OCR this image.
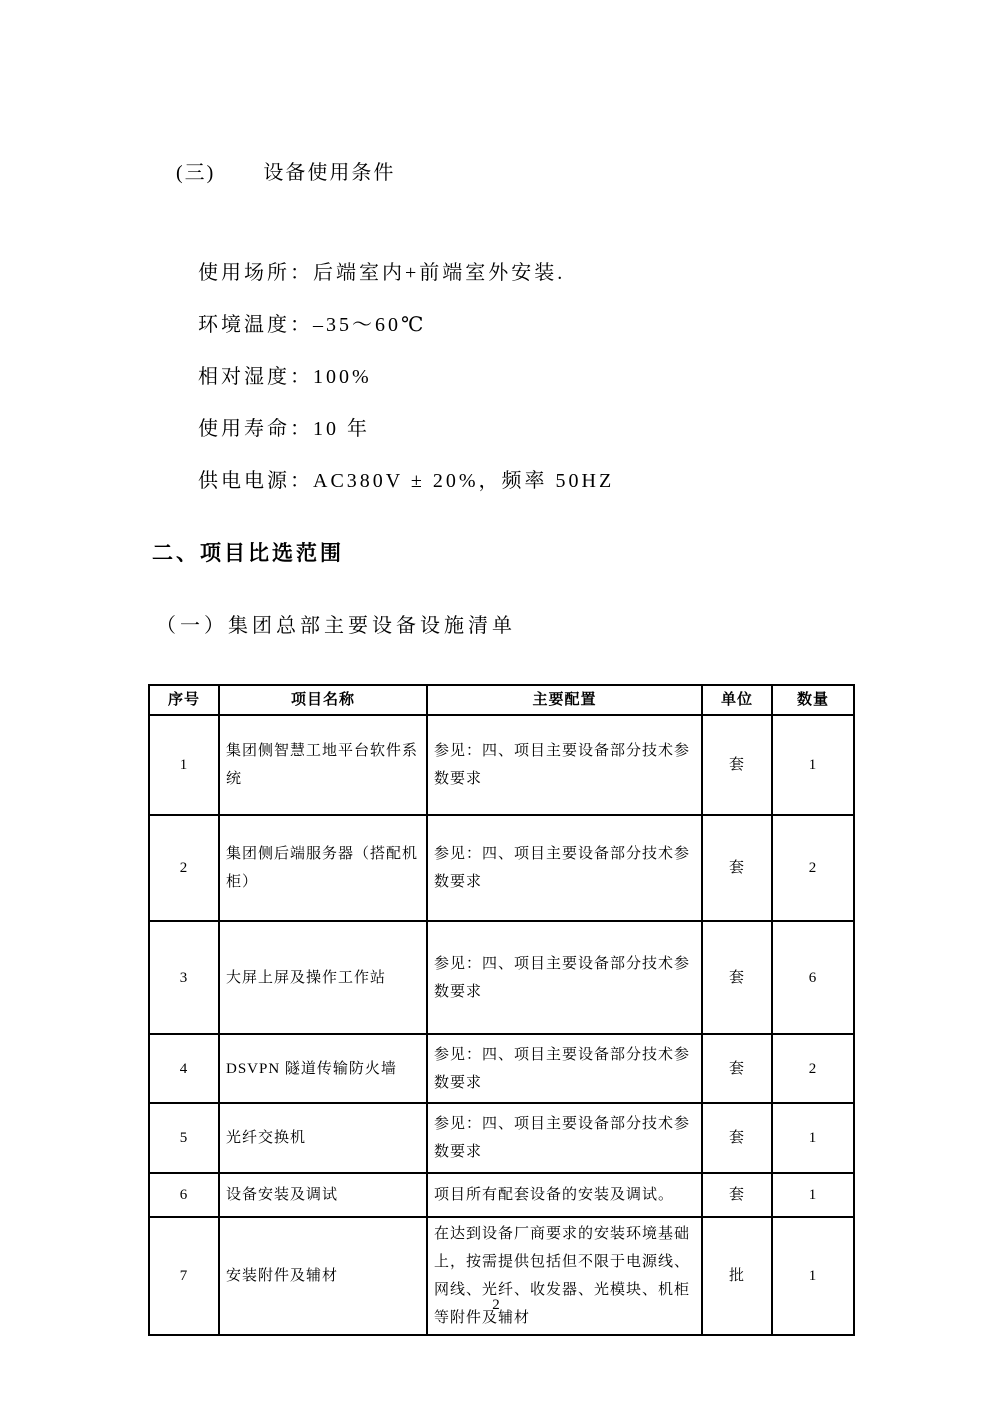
(三) 设备使用条件

使用场所：后端室内+前端室外安装.

环境温度：–35～60℃

相对湿度：100%

使用寿命：10 年

供电电源：AC380V ± 20%，频率 50HZ

二、项目比选范围
（一）集团总部主要设备设施清单
序号	项目名称	主要配置	单位	数量
1	集团侧智慧工地平台软件系统	参见：四、项目主要设备部分技术参数要求	套	1
2	集团侧后端服务器（搭配机柜）	参见：四、项目主要设备部分技术参数要求	套	2
3	大屏上屏及操作工作站	参见：四、项目主要设备部分技术参数要求	套	6
4	DSVPN 隧道传输防火墙	参见：四、项目主要设备部分技术参数要求	套	2
5	光纤交换机	参见：四、项目主要设备部分技术参数要求	套	1
6	设备安装及调试	项目所有配套设备的安装及调试。	套	1
7	安装附件及辅材	在达到设备厂商要求的安装环境基础上，按需提供包括但不限于电源线、网线、光纤、收发器、光模块、机柜等附件及辅材	批	1
2
